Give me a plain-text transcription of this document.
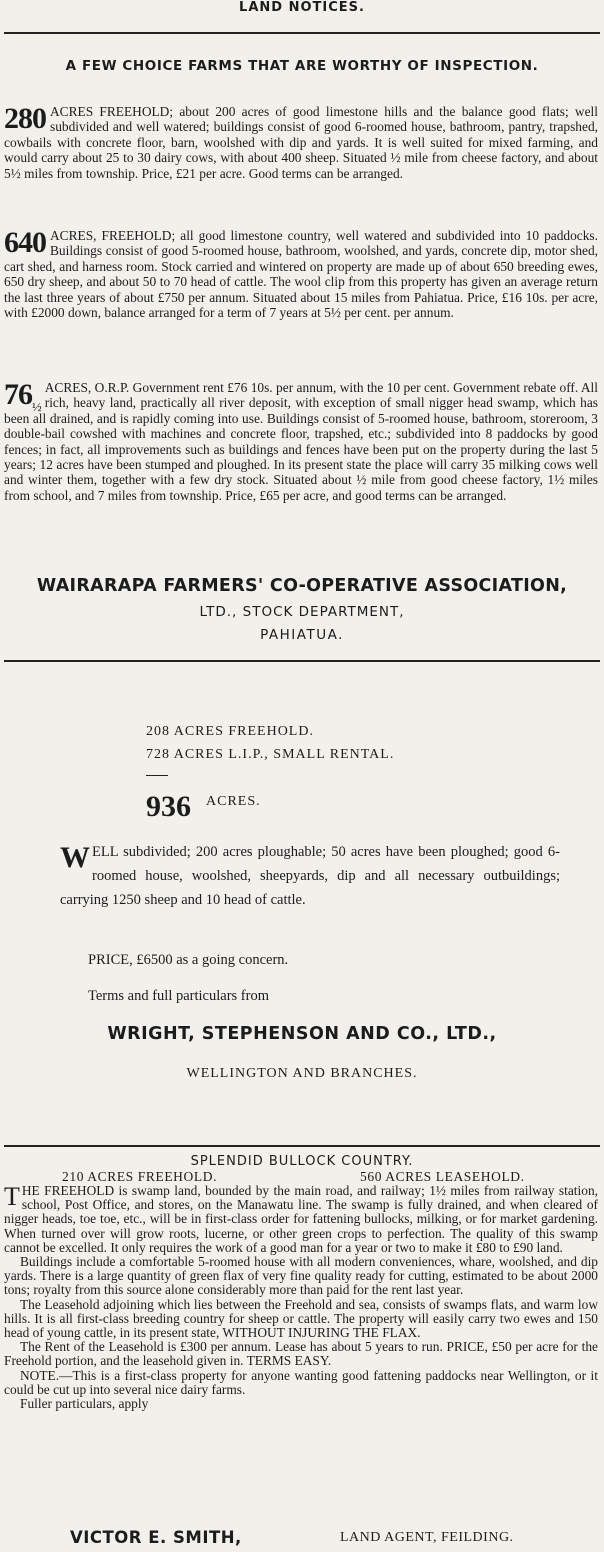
LAND NOTICES.
A FEW CHOICE FARMS THAT ARE WORTHY OF INSPECTION.
280 ACRES FREEHOLD; about 200 acres of good limestone hills and the balance good flats; well subdivided and well watered; buildings consist of good 6-roomed house, bathroom, pantry, trapshed, cowbails with concrete floor, barn, woolshed with dip and yards. It is well suited for mixed farming, and would carry about 25 to 30 dairy cows, with about 400 sheep. Situated ½ mile from cheese factory, and about 5½ miles from township. Price, £21 per acre. Good terms can be arranged.
640 ACRES, FREEHOLD; all good limestone country, well watered and subdivided into 10 paddocks. Buildings consist of good 5-roomed house, bathroom, woolshed, and yards, concrete dip, motor shed, cart shed, and harness room. Stock carried and wintered on property are made up of about 650 breeding ewes, 650 dry sheep, and about 50 to 70 head of cattle. The wool clip from this property has given an average return the last three years of about £750 per annum. Situated about 15 miles from Pahiatua. Price, £16 10s. per acre, with £2000 down, balance arranged for a term of 7 years at 5½ per cent. per annum.
$76_{\frac{1}{2}}$
ACRES, O.R.P. Government rent £76 10s. per annum, with the 10 per cent. Government rebate off. All rich, heavy land, practically all river deposit, with exception of small nigger head swamp, which has been all drained, and is rapidly coming into use. Buildings consist of 5-roomed house, bathroom, storeroom, 3 double-bail cowshed with machines and concrete floor, trapshed, etc.; subdivided into 8 paddocks by good fences; in fact, all improvements such as buildings and fences have been put on the property during the last 5 years; 12 acres have been stumped and ploughed. In its present state the place will carry 35 milking cows well and winter them, together with a few dry stock. Situated about ½ mile from good cheese factory, 1½ miles from school, and 7 miles from township. Price, £65 per acre, and good terms can be arranged.
WAIRARAPA FARMERS' CO-OPERATIVE ASSOCIATION,
LTD., STOCK DEPARTMENT,
PAHIATUA.
208 ACRES FREEHOLD.
728 ACRES L.I.P., SMALL RENTAL.
936 ACRES.
W ELL subdivided; 200 acres ploughable; 50 acres have been ploughed; good 6-roomed house, woolshed, sheepyards, dip and all necessary outbuildings; carrying 1250 sheep and 10 head of cattle.
PRICE, £6500 as a going concern.
Terms and full particulars from
WRIGHT, STEPHENSON AND CO., LTD.,
WELLINGTON AND BRANCHES.
SPLENDID BULLOCK COUNTRY.
210 ACRES FREEHOLD.	560 ACRES LEASEHOLD.

THE FREEHOLD is swamp land, bounded by the main road, and railway; 1½ miles from railway station, school, Post Office, and stores, on the Manawatu line. The swamp is fully drained, and when cleared of nigger heads, toe toe, etc., will be in first-class order for fattening bullocks, milking, or for market gardening. When turned over will grow roots, lucerne, or other green crops to perfection. The quality of this swamp cannot be excelled. It only requires the work of a good man for a year or two to make it £80 to £90 land.

Buildings include a comfortable 5-roomed house with all modern conveniences, whare, woolshed, and dip yards. There is a large quantity of green flax of very fine quality ready for cutting, estimated to be about 2000 tons; royalty from this source alone considerably more than paid for the rent last year.

The Leasehold adjoining which lies between the Freehold and sea, consists of swamps flats, and warm low hills. It is all first-class breeding country for sheep or cattle. The property will easily carry two ewes and 150 head of young cattle, in its present state, WITHOUT INJURING THE FLAX.

The Rent of the Leasehold is £300 per annum. Lease has about 5 years to run. PRICE, £50 per acre for the Freehold portion, and the leasehold given in. TERMS EASY.

NOTE.—This is a first-class property for anyone wanting good fattening paddocks near Wellington, or it could be cut up into several nice dairy farms.

Fuller particulars, apply

VICTOR E. SMITH,	LAND AGENT, FEILDING.
